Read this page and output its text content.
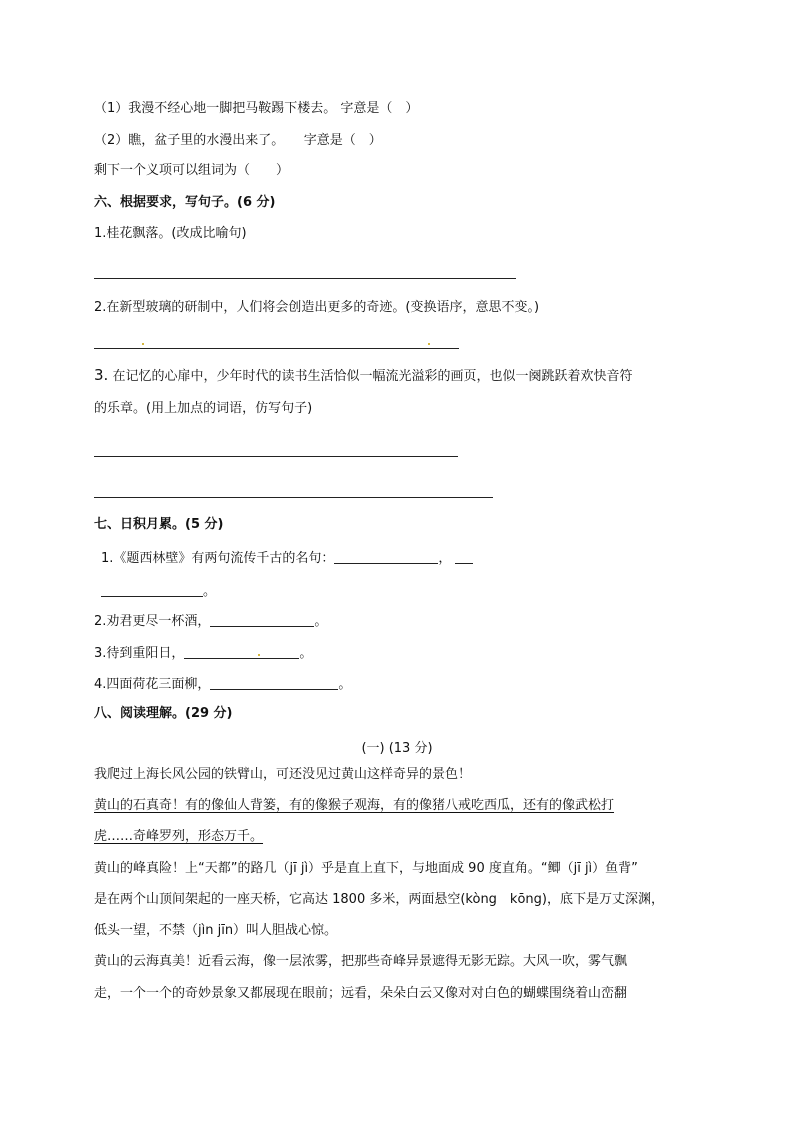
（1）我漫不经心地一脚把马鞍踢下楼去。 字意是（　）
（2）瞧，盆子里的水漫出来了。　　字意是（　）
剩下一个义项可以组词为（　　）
六、根据要求，写句子。(6 分)
1.桂花飘落。(改成比喻句)
2.在新型玻璃的研制中，人们将会创造出更多的奇迹。(变换语序，意思不变。)
3. 在记忆的心扉中，少年时代的读书生活恰似一幅流光溢彩的画页，也似一阕跳跃着欢快音符
的乐章。(用上加点的词语，仿写句子)
七、日积月累。(5 分)
1.《题西林壁》有两句流传千古的名句：	，
。
2.劝君更尽一杯酒，	。
3.待到重阳日，	。
4.四面荷花三面柳，	。
八、阅读理解。(29 分)
(一) (13 分)
我爬过上海长风公园的铁臂山，可还没见过黄山这样奇异的景色！
黄山的石真奇！有的像仙人背篓，有的像猴子观海，有的像猪八戒吃西瓜，还有的像武松打
虎……奇峰罗列，形态万千。
黄山的峰真险！上“天都”的路几（jī jì）乎是直上直下，与地面成 90 度直角。“鲫（jī jì）鱼背”
是在两个山顶间架起的一座天桥，它高达 1800 多米，两面悬空(kòng　kōng)，底下是万丈深渊，
低头一望，不禁（jìn jīn）叫人胆战心惊。
黄山的云海真美！近看云海，像一层浓雾，把那些奇峰异景遮得无影无踪。大风一吹，雾气飘
走，一个一个的奇妙景象又都展现在眼前；远看，朵朵白云又像对对白色的蝴蝶围绕着山峦翻
